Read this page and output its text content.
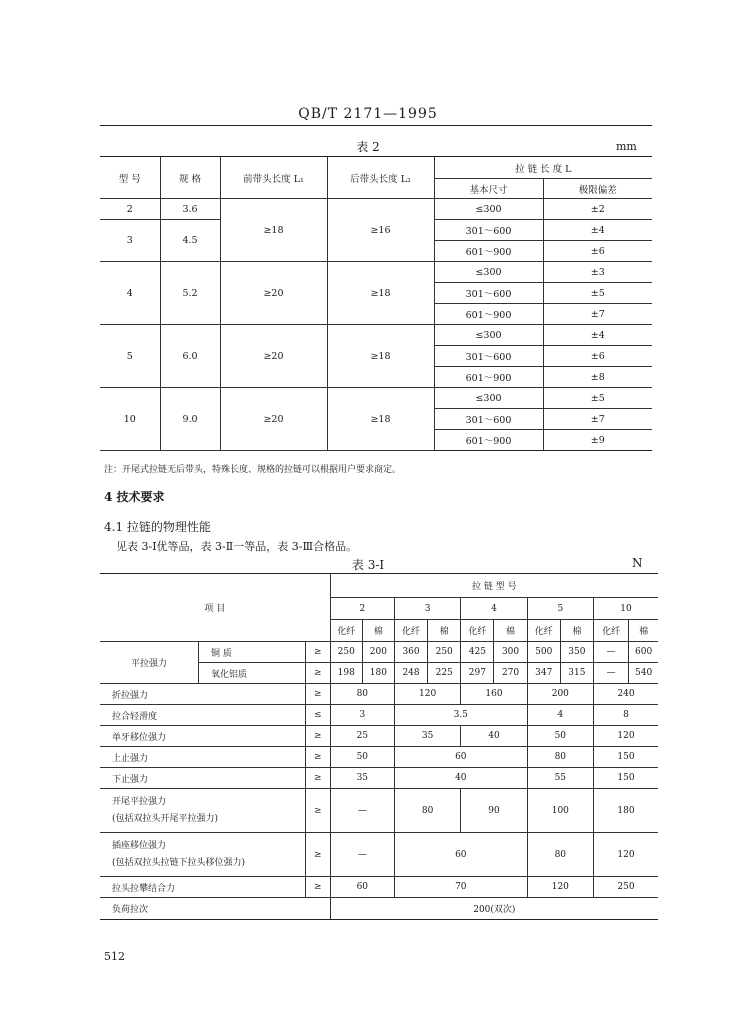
QB/T 2171—1995
表 2	mm
型 号	规 格	前带头长度 L₁	后带头长度 L₂	拉 链 长 度 L	
				基本尺寸	极限偏差
2	3.6	≥18	≥16	≤300	±2
3	4.5			301～600	±4
				601～900	±6
4	5.2	≥20	≥18	≤300	±3
				301～600	±5
				601～900	±7
5	6.0	≥20	≥18	≤300	±4
				301～600	±6
				601～900	±8
10	9.0	≥20	≥18	≤300	±5
				301～600	±7
				601～900	±9
注：开尾式拉链无后带头，特殊长度、规格的拉链可以根据用户要求商定。
4 技术要求
4.1 拉链的物理性能
见表 3-Ⅰ优等品，表 3-Ⅱ一等品，表 3-Ⅲ合格品。
表 3-Ⅰ	N
项 目			拉 链 型 号									
			2		3		4		5		10	
			化纤	棉	化纤	棉	化纤	棉	化纤	棉	化纤	棉
平拉强力	铜 质	≥	250	200	360	250	425	300	500	350	—	600
	氧化铝质	≥	198	180	248	225	297	270	347	315	—	540
折拉强力		≥	80		120		160		200		240	
拉合轻滑度		≤	3		3.5				4		8	
单牙移位强力		≥	25		35		40		50		120	
上止强力		≥	50		60				80		150	
下止强力		≥	35		40				55		150	

开尾平拉强力
(包括双拉头开尾平拉强力)		≥	—		80		90		100		180	

插座移位强力
(包括双拉头拉链下拉头移位强力)		≥	—		60				80		120	
拉头拉攀结合力		≥	60		70				120		250	
负荷拉次			200(双次)									
512
